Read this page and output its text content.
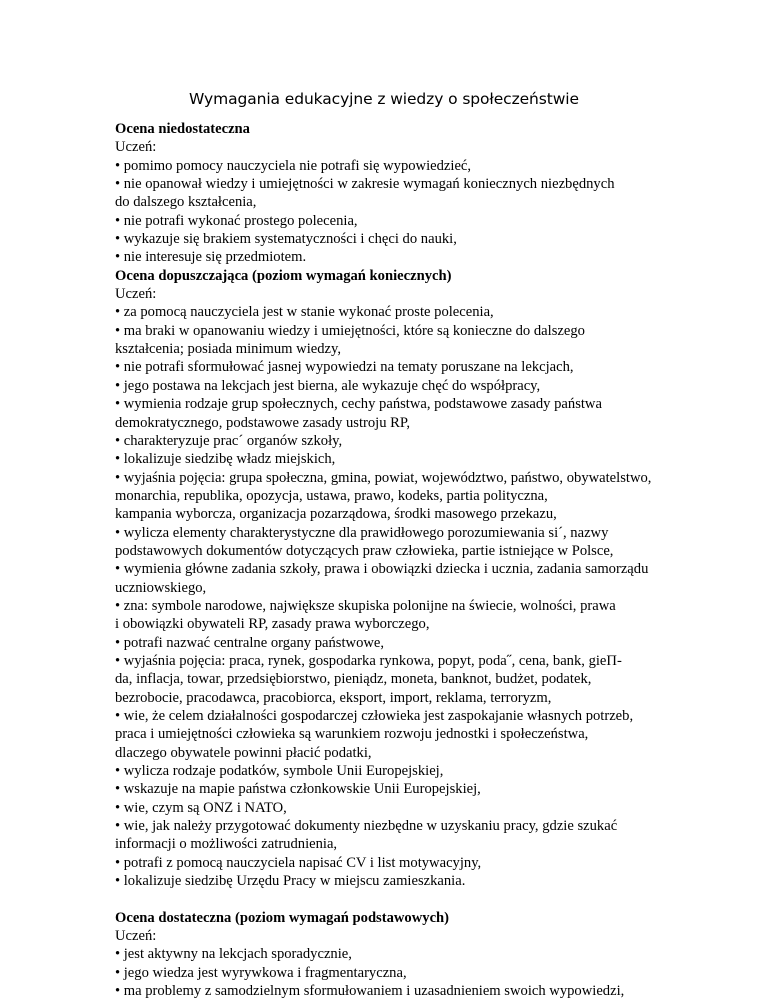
Wymagania edukacyjne z wiedzy o społeczeństwie
Ocena niedostateczna
Uczeń:
• pomimo pomocy nauczyciela nie potrafi się wypowiedzieć,
• nie opanował wiedzy i umiejętności w zakresie wymagań koniecznych niezbędnych
do dalszego kształcenia,
• nie potrafi wykonać prostego polecenia,
• wykazuje się brakiem systematyczności i chęci do nauki,
• nie interesuje się przedmiotem.
Ocena dopuszczająca (poziom wymagań koniecznych)
Uczeń:
• za pomocą nauczyciela jest w stanie wykonać proste polecenia,
• ma braki w opanowaniu wiedzy i umiejętności, które są konieczne do dalszego
kształcenia; posiada minimum wiedzy,
• nie potrafi sformułować jasnej wypowiedzi na tematy poruszane na lekcjach,
• jego postawa na lekcjach jest bierna, ale wykazuje chęć do współpracy,
• wymienia rodzaje grup społecznych, cechy państwa, podstawowe zasady państwa
demokratycznego, podstawowe zasady ustroju RP,
• charakteryzuje prac´ organów szkoły,
• lokalizuje siedzibę władz miejskich,
• wyjaśnia pojęcia: grupa społeczna, gmina, powiat, województwo, państwo, obywatelstwo,
monarchia, republika, opozycja, ustawa, prawo, kodeks, partia polityczna,
kampania wyborcza, organizacja pozarządowa, środki masowego przekazu,
• wylicza elementy charakterystyczne dla prawidłowego porozumiewania si´, nazwy
podstawowych dokumentów dotyczących praw człowieka, partie istniejące w Polsce,
• wymienia główne zadania szkoły, prawa i obowiązki dziecka i ucznia, zadania samorządu
uczniowskiego,
• zna: symbole narodowe, największe skupiska polonijne na świecie, wolności, prawa
i obowiązki obywateli RP, zasady prawa wyborczego,
• potrafi nazwać centralne organy państwowe,
• wyjaśnia pojęcia: praca, rynek, gospodarka rynkowa, popyt, poda˝, cena, bank, gieΠ-
da, inflacja, towar, przedsiębiorstwo, pieniądz, moneta, banknot, budżet, podatek,
bezrobocie, pracodawca, pracobiorca, eksport, import, reklama, terroryzm,
• wie, że celem działalności gospodarczej człowieka jest zaspokajanie własnych potrzeb,
praca i umiejętności człowieka są warunkiem rozwoju jednostki i społeczeństwa,
dlaczego obywatele powinni płacić podatki,
• wylicza rodzaje podatków, symbole Unii Europejskiej,
• wskazuje na mapie państwa członkowskie Unii Europejskiej,
• wie, czym są ONZ i NATO,
• wie, jak należy przygotować dokumenty niezbędne w uzyskaniu pracy, gdzie szukać
informacji o możliwości zatrudnienia,
• potrafi z pomocą nauczyciela napisać CV i list motywacyjny,
• lokalizuje siedzibę Urzędu Pracy w miejscu zamieszkania.
Ocena dostateczna (poziom wymagań podstawowych)
Uczeń:
• jest aktywny na lekcjach sporadycznie,
• jego wiedza jest wyrywkowa i fragmentaryczna,
• ma problemy z samodzielnym sformułowaniem i uzasadnieniem swoich wypowiedzi,
